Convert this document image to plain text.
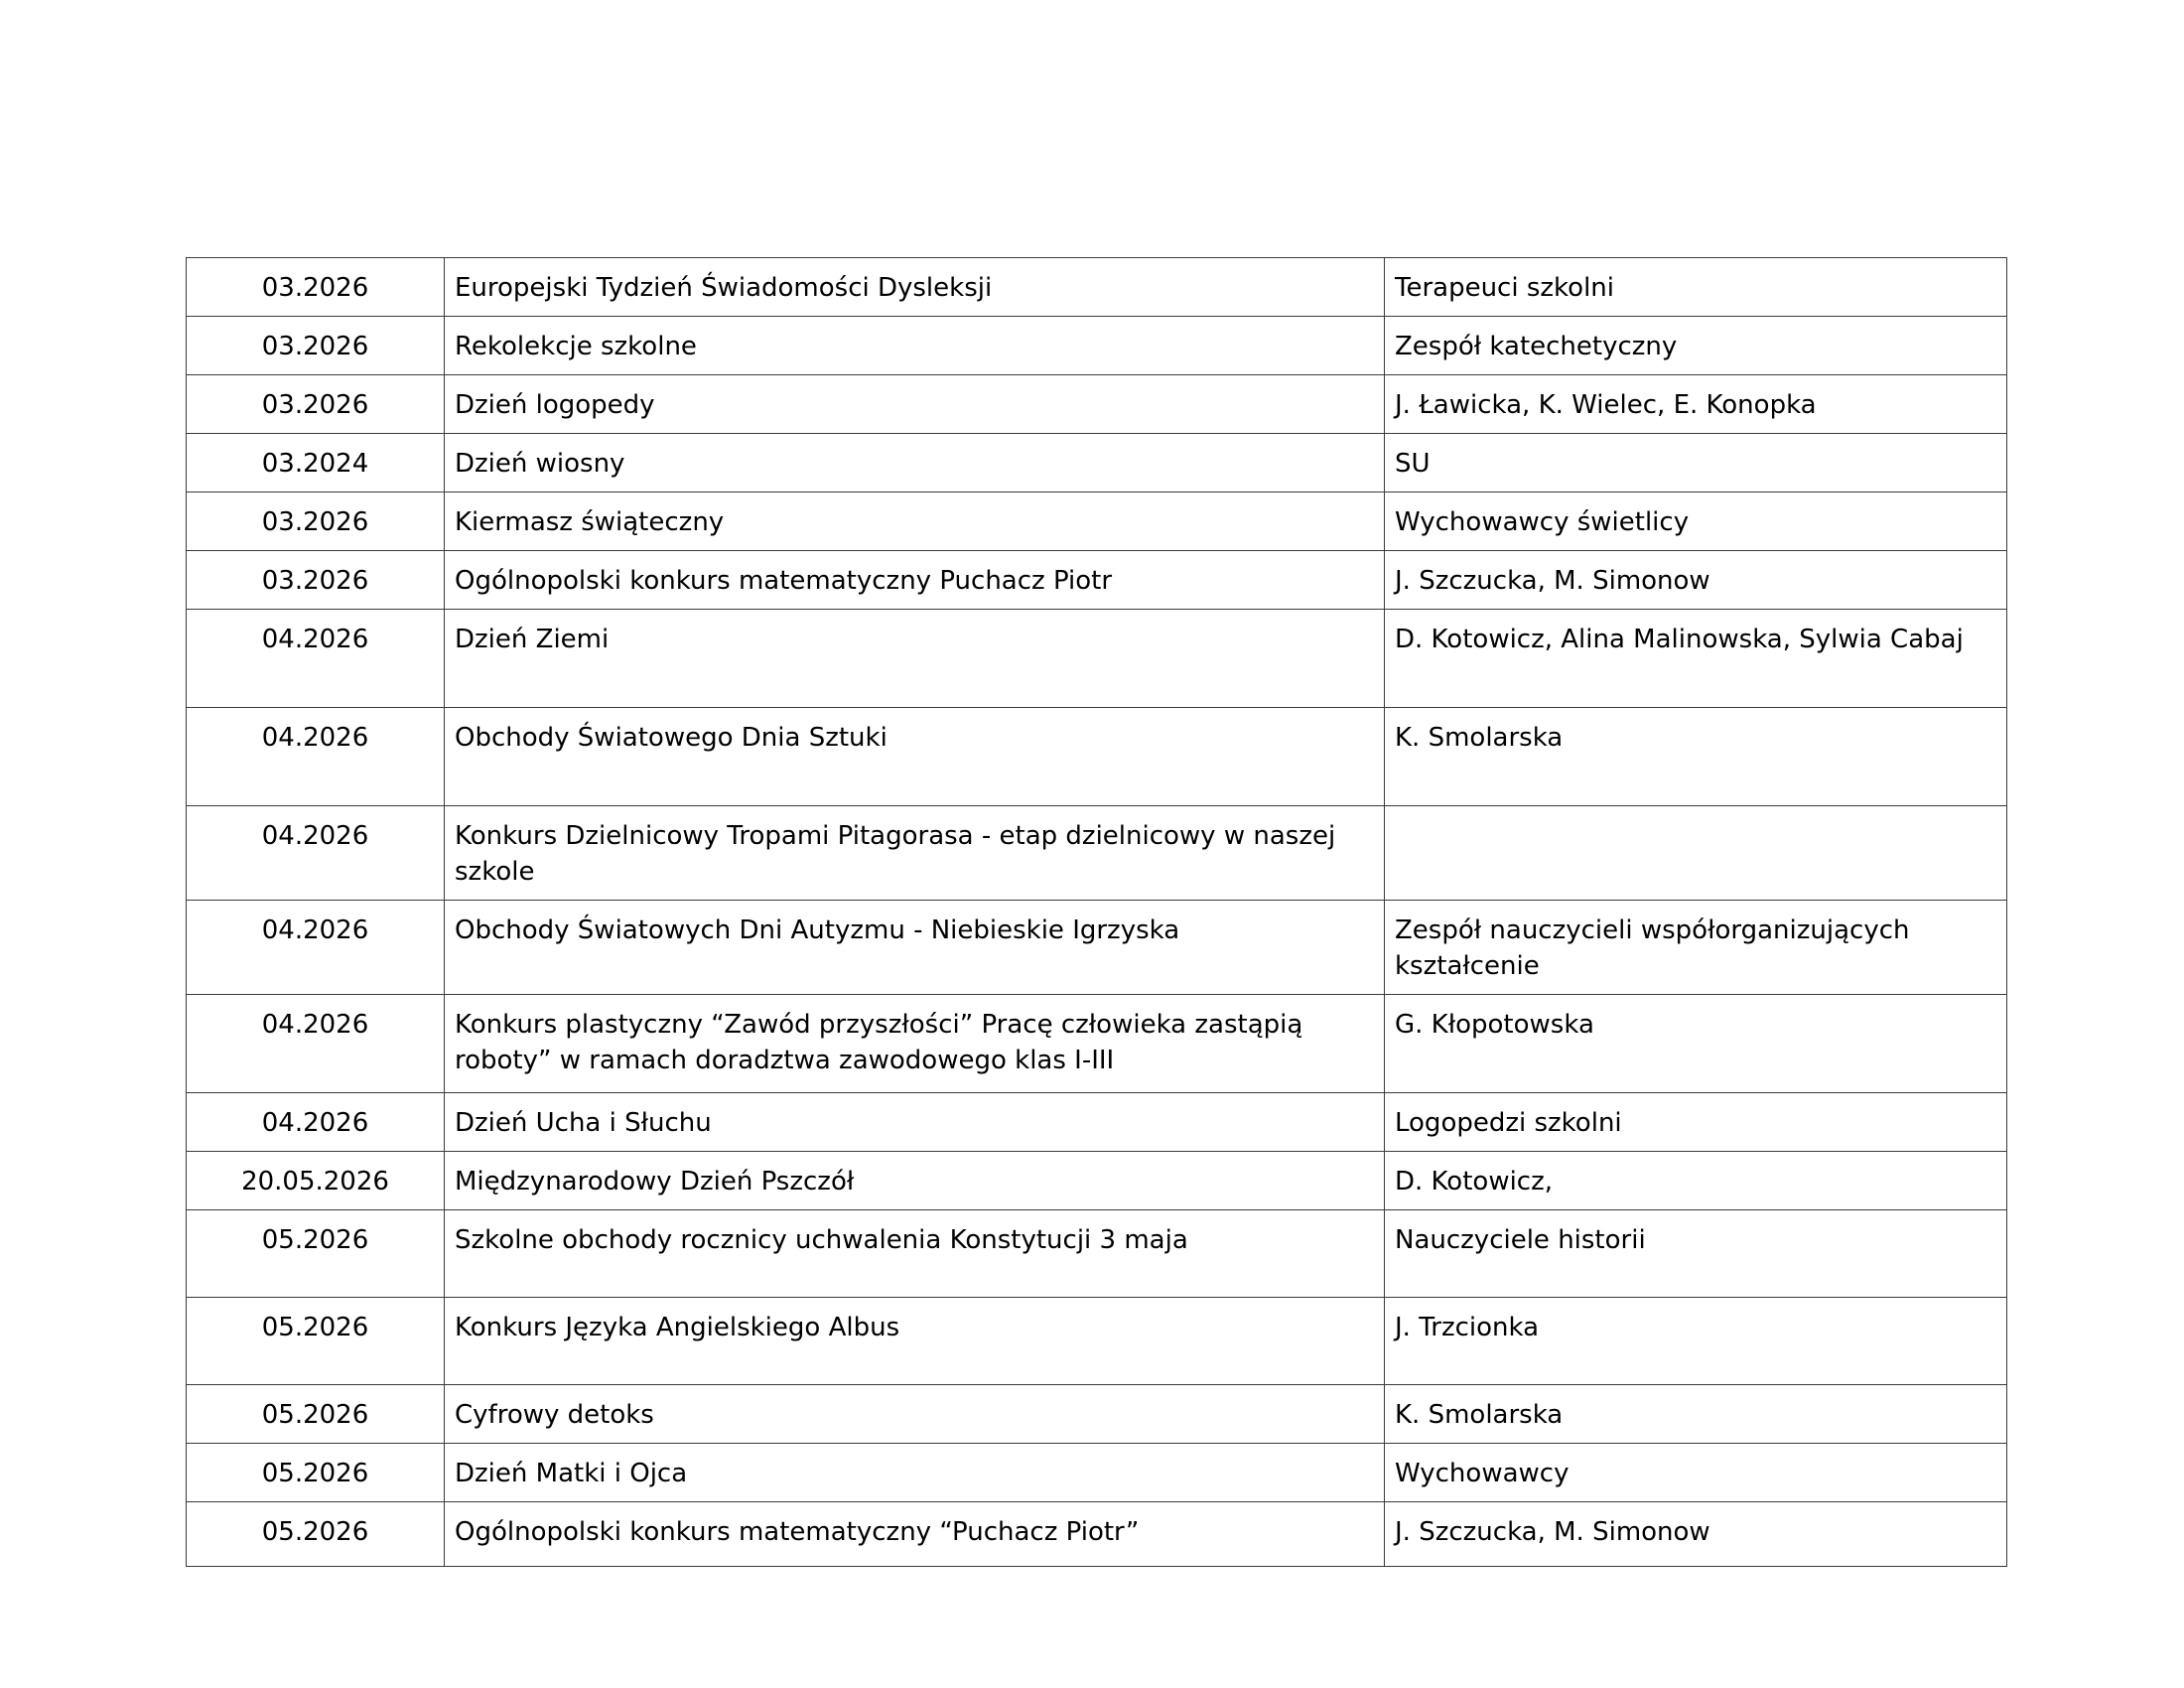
03.2026	Europejski Tydzień Świadomości Dysleksji	Terapeuci szkolni
03.2026	Rekolekcje szkolne	Zespół katechetyczny
03.2026	Dzień logopedy	J. Ławicka, K. Wielec, E. Konopka
03.2024	Dzień wiosny	SU
03.2026	Kiermasz świąteczny	Wychowawcy świetlicy
03.2026	Ogólnopolski konkurs matematyczny Puchacz Piotr	J. Szczucka, M. Simonow
04.2026	Dzień Ziemi	D. Kotowicz, Alina Malinowska, Sylwia Cabaj
04.2026	Obchody Światowego Dnia Sztuki	K. Smolarska
04.2026	Konkurs Dzielnicowy Tropami Pitagorasa - etap dzielnicowy w naszej szkole	
04.2026	Obchody Światowych Dni Autyzmu - Niebieskie Igrzyska	Zespół nauczycieli współorganizujących kształcenie
04.2026	Konkurs plastyczny “Zawód przyszłości” Pracę człowieka zastąpią roboty” w ramach doradztwa zawodowego klas I-III	G. Kłopotowska
04.2026	Dzień Ucha i Słuchu	Logopedzi szkolni
20.05.2026	Międzynarodowy Dzień Pszczół	D. Kotowicz,
05.2026	Szkolne obchody rocznicy uchwalenia Konstytucji 3 maja	Nauczyciele historii
05.2026	Konkurs Języka Angielskiego Albus	J. Trzcionka
05.2026	Cyfrowy detoks	K. Smolarska
05.2026	Dzień Matki i Ojca	Wychowawcy
05.2026	Ogólnopolski konkurs matematyczny “Puchacz Piotr”	J. Szczucka, M. Simonow
